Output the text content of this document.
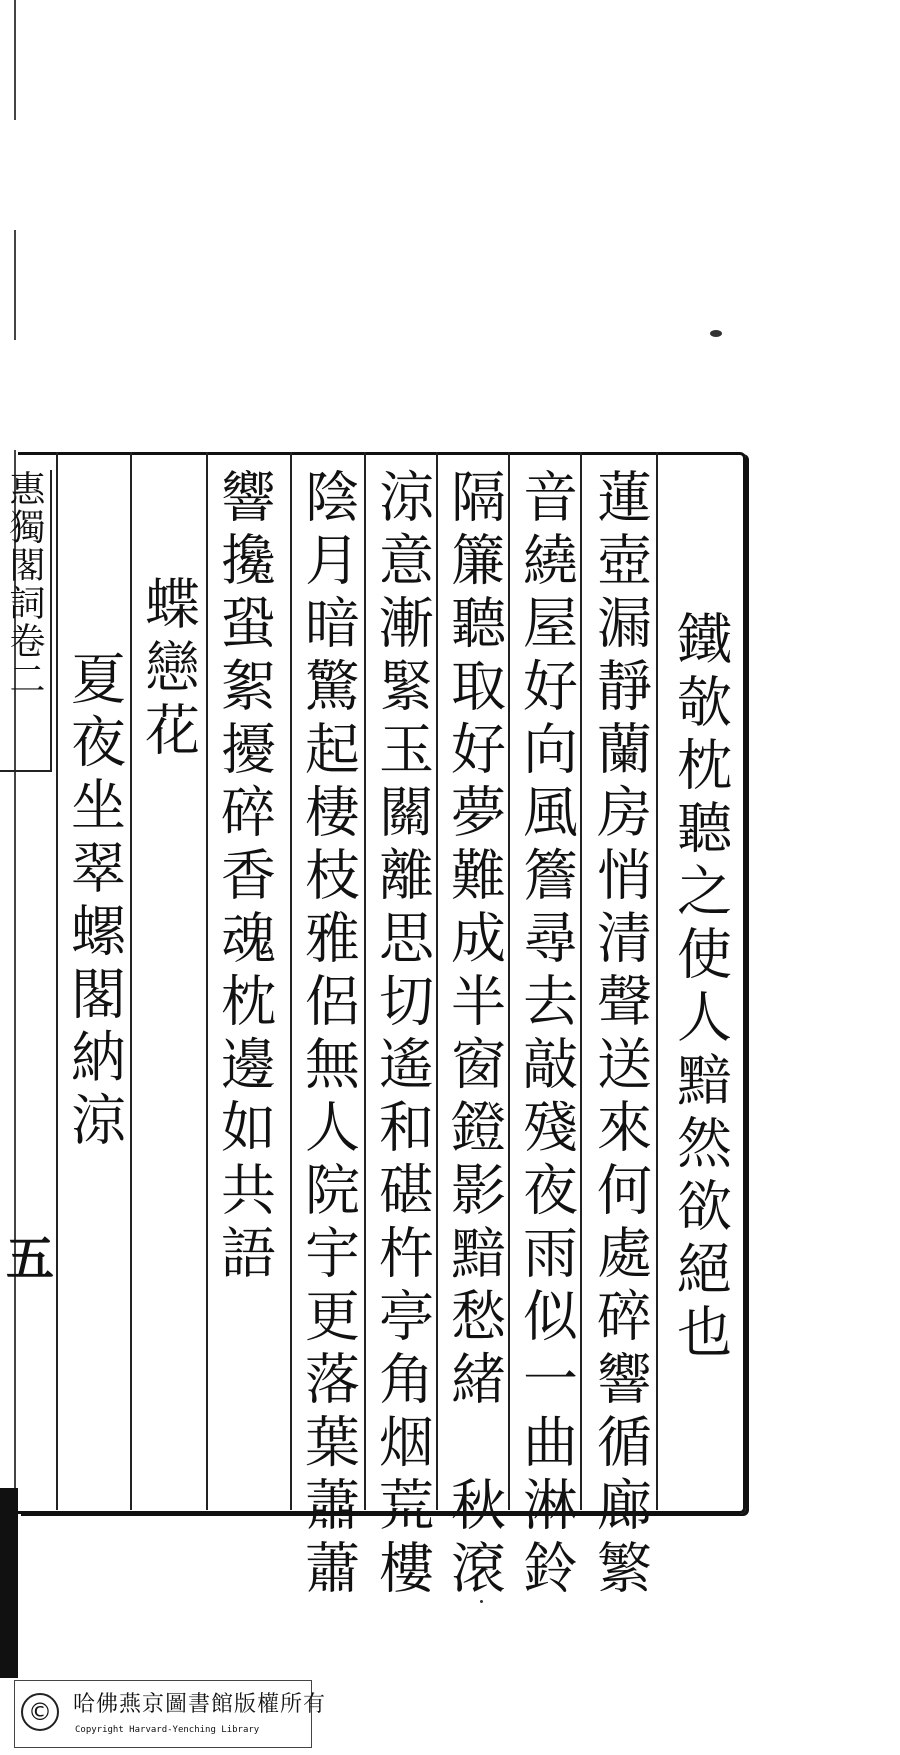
惠獨閣詞卷二
鐵欹枕聽之使人黯然欲絕也
蓮壺漏靜蘭房悄清聲送來何處碎響循廊繁
音繞屋好向風簷尋去敲殘夜雨似一曲淋鈴
隔簾聽取好夢難成半窗鐙影黯愁緒　秋滾
涼意漸緊玉關離思切遙和碪杵亭角烟荒樓
陰月暗驚起棲枝雅侶無人院宇更落葉蕭蕭
響攙蛩絮擾碎香魂枕邊如共語
蝶戀花
夏夜坐翠螺閣納涼
五
© 哈佛燕京圖書館版權所有
Copyright Harvard-Yenching Library
